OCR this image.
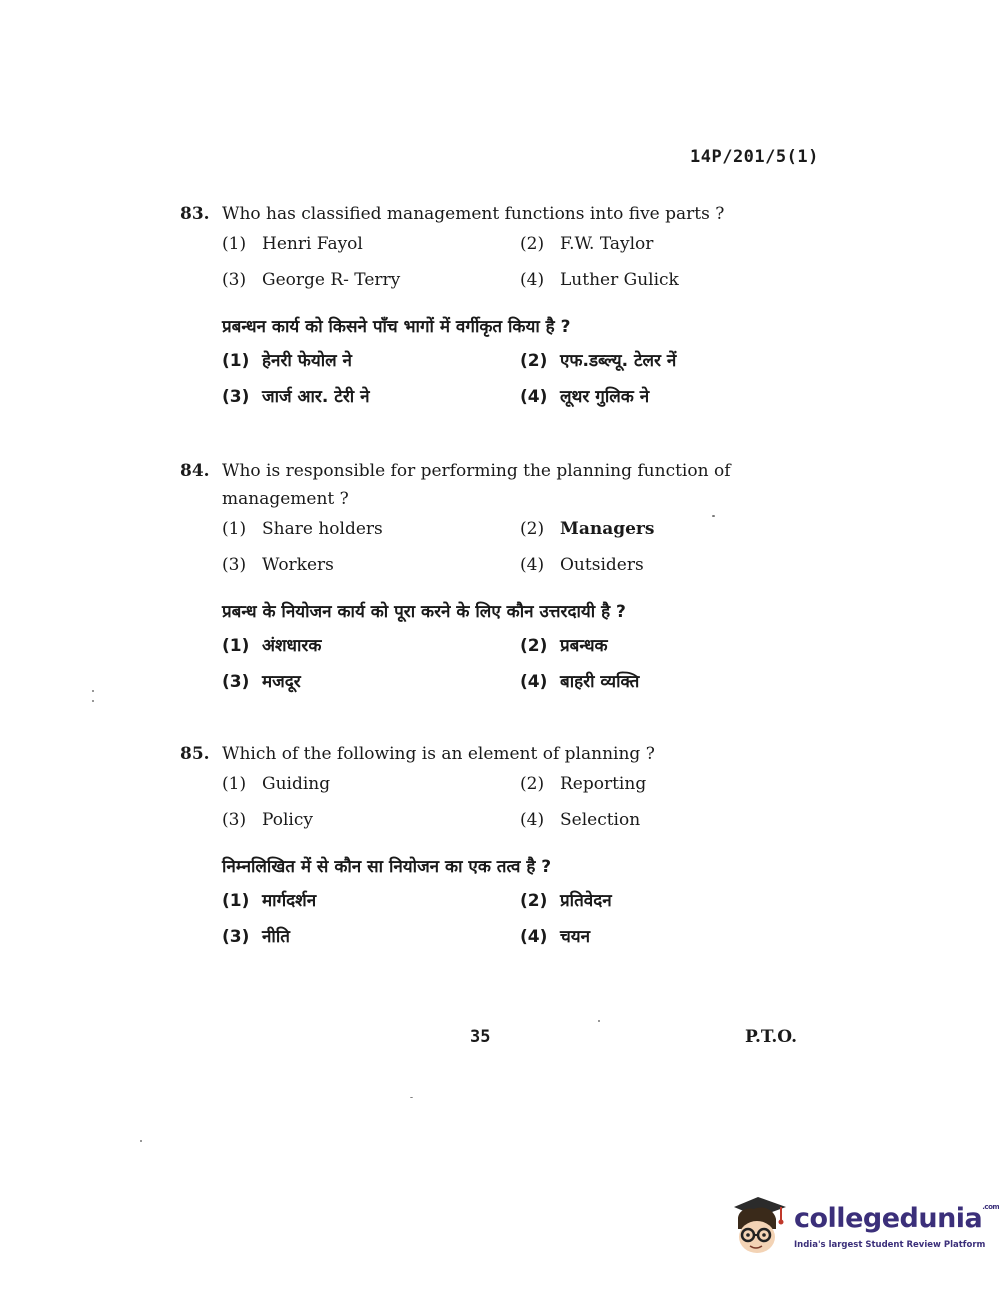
14P/201/5(1)
83. Who has classified management functions into five parts ?
(1) Henri Fayol	(2) F.W. Taylor
(3) George R- Terry	(4) Luther Gulick
प्रबन्धन कार्य को किसने पाँच भागों में वर्गीकृत किया है ?
(1) हेनरी फेयोल ने	(2) एफ.डब्ल्यू. टेलर नें
(3) जार्ज आर. टेरी ने	(4) लूथर गुलिक ने
84. Who is responsible for performing the planning function of
management ?
(1) Share holders	(2) Managers
(3) Workers	(4) Outsiders
प्रबन्ध के नियोजन कार्य को पूरा करने के लिए कौन उत्तरदायी है ?
(1) अंशधारक	(2) प्रबन्धक
(3) मजदूर	(4) बाहरी व्यक्ति
85. Which of the following is an element of planning ?
(1) Guiding	(2) Reporting
(3) Policy	(4) Selection
निम्नलिखित में से कौन सा नियोजन का एक तत्व है ?
(1) मार्गदर्शन	(2) प्रतिवेदन
(3) नीति	(4) चयन
35	P.T.O.
collegedunia$^{.com}$
India's largest Student Review Platform
